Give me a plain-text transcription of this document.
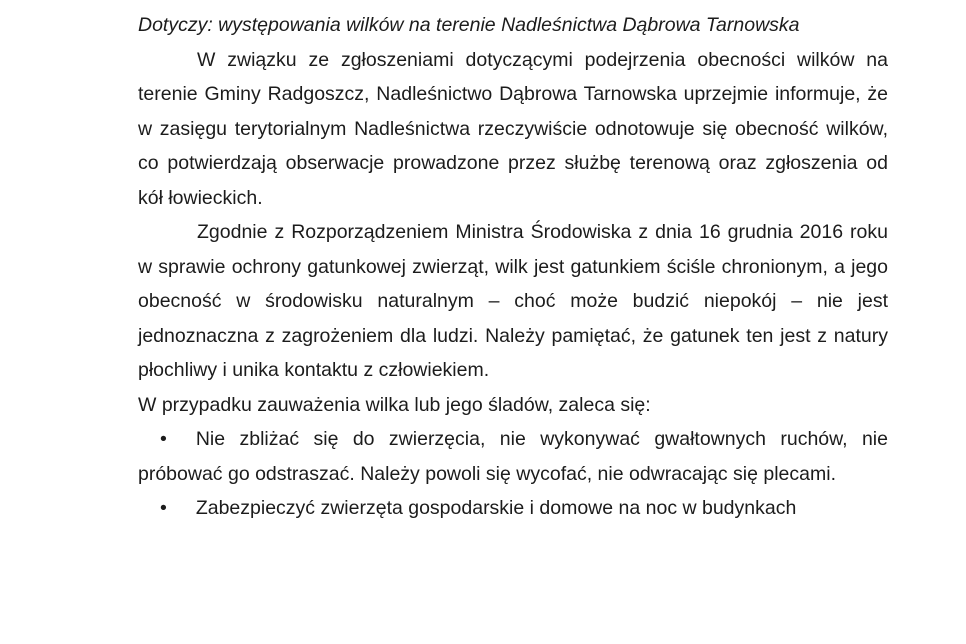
Dotyczy: występowania wilków na terenie Nadleśnictwa Dąbrowa Tarnowska

W związku ze zgłoszeniami dotyczącymi podejrzenia obecności wilków na terenie Gminy Radgoszcz, Nadleśnictwo Dąbrowa Tarnowska uprzejmie informuje, że w zasięgu terytorialnym Nadleśnictwa rzeczywiście odnotowuje się obecność wilków, co potwierdzają obserwacje prowadzone przez służbę terenową oraz zgłoszenia od kół łowieckich.

Zgodnie z Rozporządzeniem Ministra Środowiska z dnia 16 grudnia 2016 roku w sprawie ochrony gatunkowej zwierząt, wilk jest gatunkiem ściśle chronionym, a jego obecność w środowisku naturalnym – choć może budzić niepokój – nie jest jednoznaczna z zagrożeniem dla ludzi. Należy pamiętać, że gatunek ten jest z natury płochliwy i unika kontaktu z człowiekiem.

W przypadku zauważenia wilka lub jego śladów, zaleca się:

• Nie zbliżać się do zwierzęcia, nie wykonywać gwałtownych ruchów, nie próbować go odstraszać. Należy powoli się wycofać, nie odwracając się plecami.

• Zabezpieczyć zwierzęta gospodarskie i domowe na noc w budynkach
